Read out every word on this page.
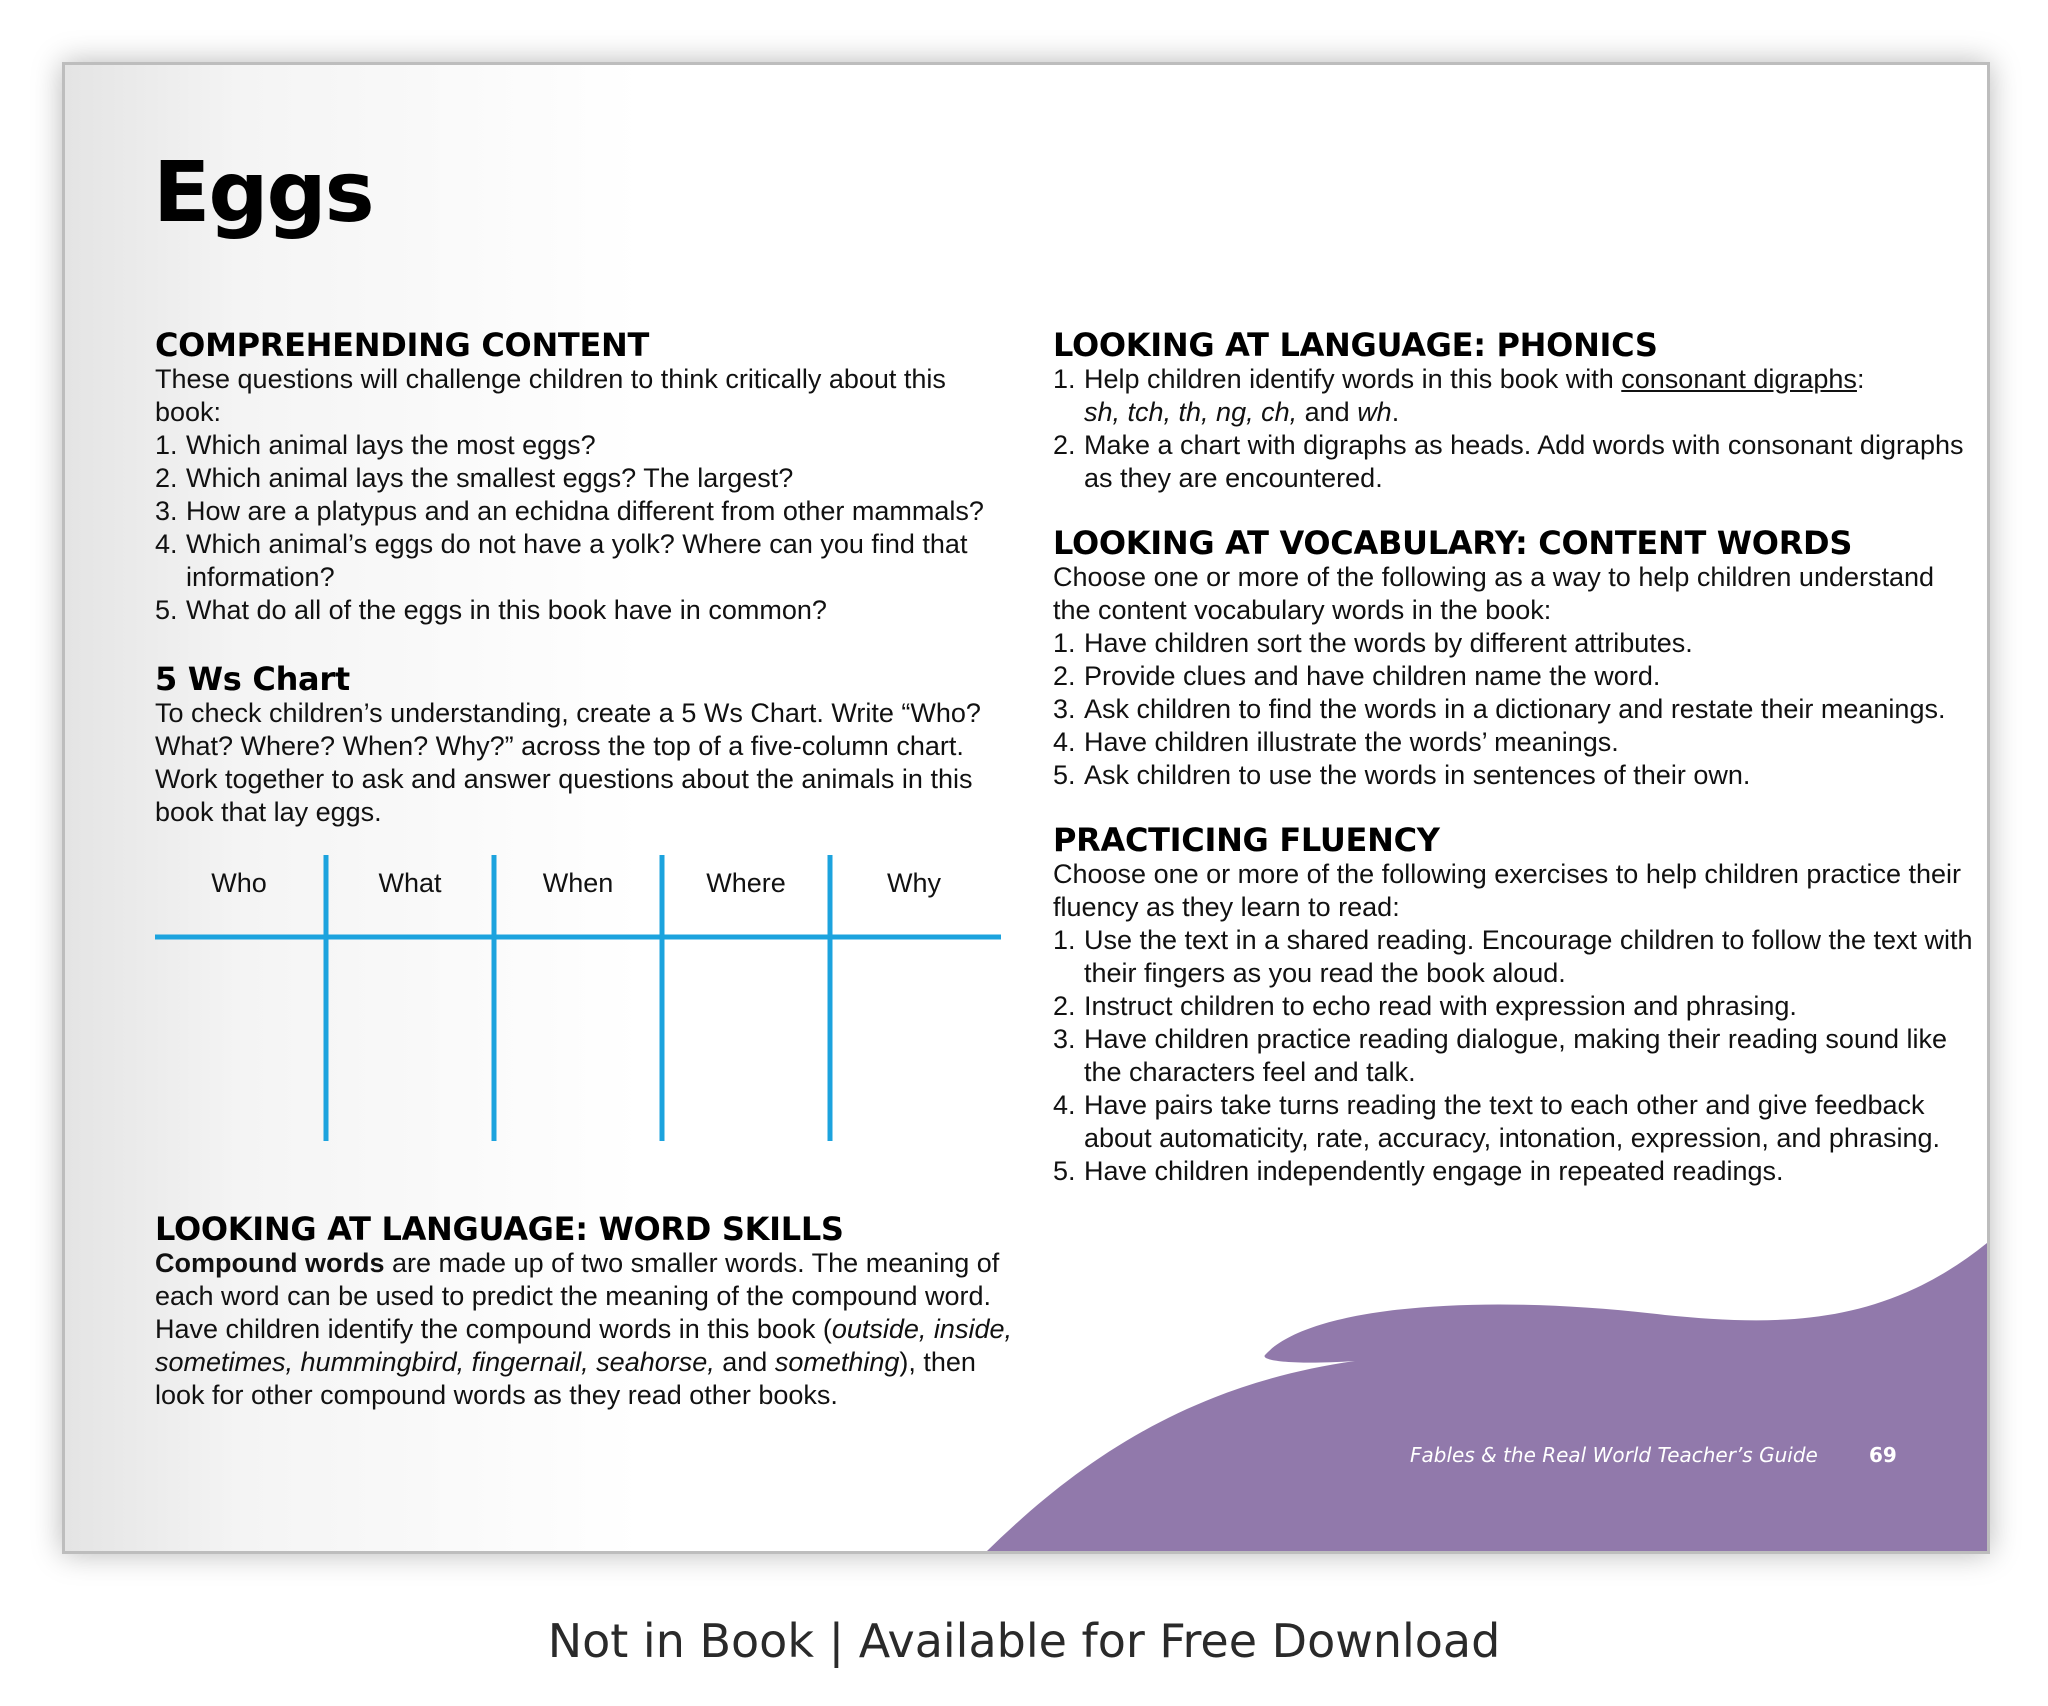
Eggs
COMPREHENDING CONTENT

These questions will challenge children to think critically about this book:

1. Which animal lays the most eggs?
2. Which animal lays the smallest eggs? The largest?
3. How are a platypus and an echidna different from other mammals?
4. Which animal’s eggs do not have a yolk? Where can you find that information?
5. What do all of the eggs in this book have in common?
5 Ws Chart

To check children’s understanding, create a 5 Ws Chart. Write “Who? What? Where? When? Why?” across the top of a five-column chart. Work together to ask and answer questions about the animals in this book that lay eggs.

Who	What	When	Where	Why
LOOKING AT LANGUAGE: WORD SKILLS

Compound words are made up of two smaller words. The meaning of each word can be used to predict the meaning of the compound word. Have children identify the compound words in this book (outside, inside, sometimes, hummingbird, fingernail, seahorse, and something), then look for other compound words as they read other books.

LOOKING AT LANGUAGE: PHONICS
1. Help children identify words in this book with consonant digraphs:
sh, tch, th, ng, ch, and wh.
2. Make a chart with digraphs as heads. Add words with consonant digraphs as they are encountered.
LOOKING AT VOCABULARY: CONTENT WORDS

Choose one or more of the following as a way to help children understand the content vocabulary words in the book:

1. Have children sort the words by different attributes.
2. Provide clues and have children name the word.
3. Ask children to find the words in a dictionary and restate their meanings.
4. Have children illustrate the words’ meanings.
5. Ask children to use the words in sentences of their own.
PRACTICING FLUENCY

Choose one or more of the following exercises to help children practice their fluency as they learn to read:

1. Use the text in a shared reading. Encourage children to follow the text with their fingers as you read the book aloud.
2. Instruct children to echo read with expression and phrasing.
3. Have children practice reading dialogue, making their reading sound like the characters feel and talk.
4. Have pairs take turns reading the text to each other and give feedback about automaticity, rate, accuracy, intonation, expression, and phrasing.
5. Have children independently engage in repeated readings.
Fables & the Real World Teacher’s Guide	69
Not in Book | Available for Free Download
